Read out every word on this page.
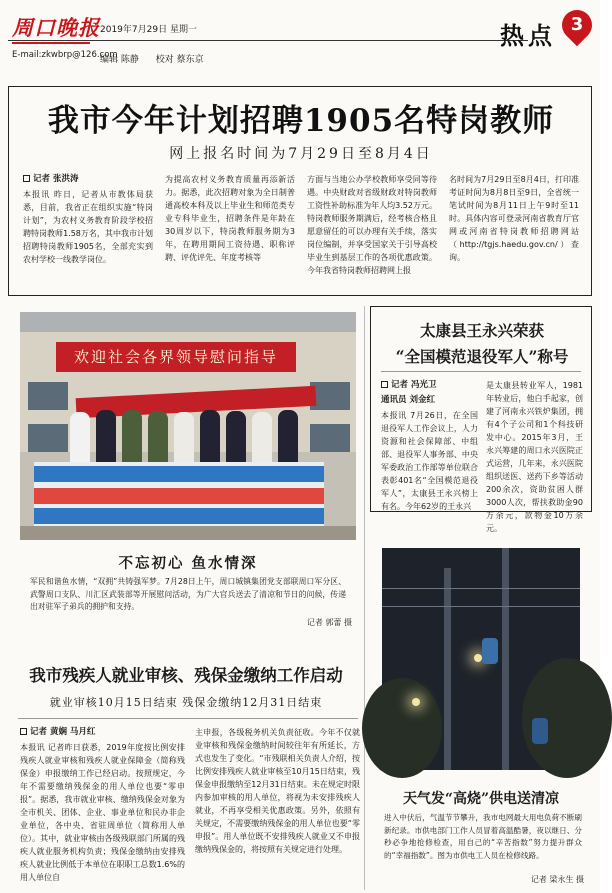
周口晚报
E-mail:zkwbrp@126.com
2019年7月29日 星期一
编辑 陈静 校对 蔡东京
热点 3
我市今年计划招聘1905名特岗教师
网上报名时间为7月29日至8月4日
记者 张洪涛
本报讯 昨日，记者从市教体局获悉，目前，我省正在组织实施“特岗计划”，为农村义务教育阶段学校招聘特岗教师1.58万名，其中我市计划招聘特岗教师1905名，全部充实到农村学校一线教学岗位。
为提高农村义务教育质量再添新活力。据悉，此次招聘对象为全日制普通高校本科及以上毕业生和师范类专业专科毕业生，招聘条件是年龄在30周岁以下，特岗教师服务期为3年，在聘用期间工资待遇、职称评聘、评优评先、年度考核等
方面与当地公办学校教师享受同等待遇。中央财政对省级财政对特岗教师工资性补助标准为年人均3.52万元。特岗教师服务期满后，经考核合格且愿意留任的可以办理有关手续，落实岗位编制，并享受国家关于引导高校毕业生到基层工作的各项优惠政策。今年我省特岗教师招聘网上报
名时间为7月29日至8月4日，打印准考证时间为8月8日至9日，全省统一笔试时间为8月11日上午9时至11时。具体内容可登录河南省教育厅官网或河南省特岗教师招聘网站（http://tgjs.haedu.gov.cn/）查询。
欢迎社会各界领导慰问指导
不忘初心 鱼水情深
军民和谐鱼水情，“双拥”共铸强军梦。7月28日上午，周口城镇集团党支部联周口军分区、武警周口支队、川汇区武装部等开展慰问活动，为广大官兵送去了清凉和节日的问候，传递出对驻军子弟兵的拥护和支持。
记者 郭蕾 摄
太康县王永兴荣获
“全国模范退役军人”称号
记者 冯光卫
通讯员 刘金红
本报讯 7月26日，在全国退役军人工作会议上，人力资源和社会保障部、中组部、退役军人事务部、中央军委政治工作部等单位联合表彰401名“全国模范退役军人”，太康县王永兴榜上有名。今年62岁的王永兴
是太康县转业军人，1981年转业后，他白手起家，创建了河南永兴铁炉集团，拥有4个子公司和1个科技研发中心。2015年3月，王永兴筹建的周口永兴医院正式运营，几年来，永兴医院组织送医、送药下乡等活动200余次，资助贫困人群3000人次，帮扶救助金90万余元，款物金10万余元。
天气发“高烧”供电送清凉
进入中伏后，气温节节攀升，我市电网最大用电负荷不断刷新纪录。市供电部门工作人员冒着高温酷暑，夜以继日、分秒必争地抢修检查，用自己的“辛苦指数”努力提升群众的“幸福指数”。图为市供电工人员在检修线路。
记者 梁永生 摄
我市残疾人就业审核、残保金缴纳工作启动
就业审核10月15日结束 残保金缴纳12月31日结束
记者 黄娴 马月红
本报讯 记者昨日获悉，2019年度按比例安排残疾人就业审核和残疾人就业保障金（简称残保金）申报缴纳工作已经启动。按照规定，今年不需要缴纳残保金的用人单位也要“零申报”。据悉，我市就业审核、缴纳残保金对象为全市机关、团体、企业、事业单位和民办非企业单位，各中央、省驻周单位（简称用人单位）。其中，就业审核由各级残联部门所属的残疾人就业服务机构负责；残保金缴纳由安排残疾人就业比例低于本单位在职职工总数1.6%的用人单位自
主申报，各级税务机关负责征收。今年不仅就业审核和残保金缴纳时间较往年有所延长，方式也发生了变化。“市残联相关负责人介绍，按比例安排残疾人就业审核至10月15日结束，残保金申报缴纳至12月31日结束。未在规定时限内参加审核的用人单位，将视为未安排残疾人就业，不再享受相关优惠政策。另外，依照有关规定，不需要缴纳残保金的用人单位也要“零申报”。用人单位既不安排残疾人就业又不申报缴纳残保金的，将按照有关规定进行处理。
